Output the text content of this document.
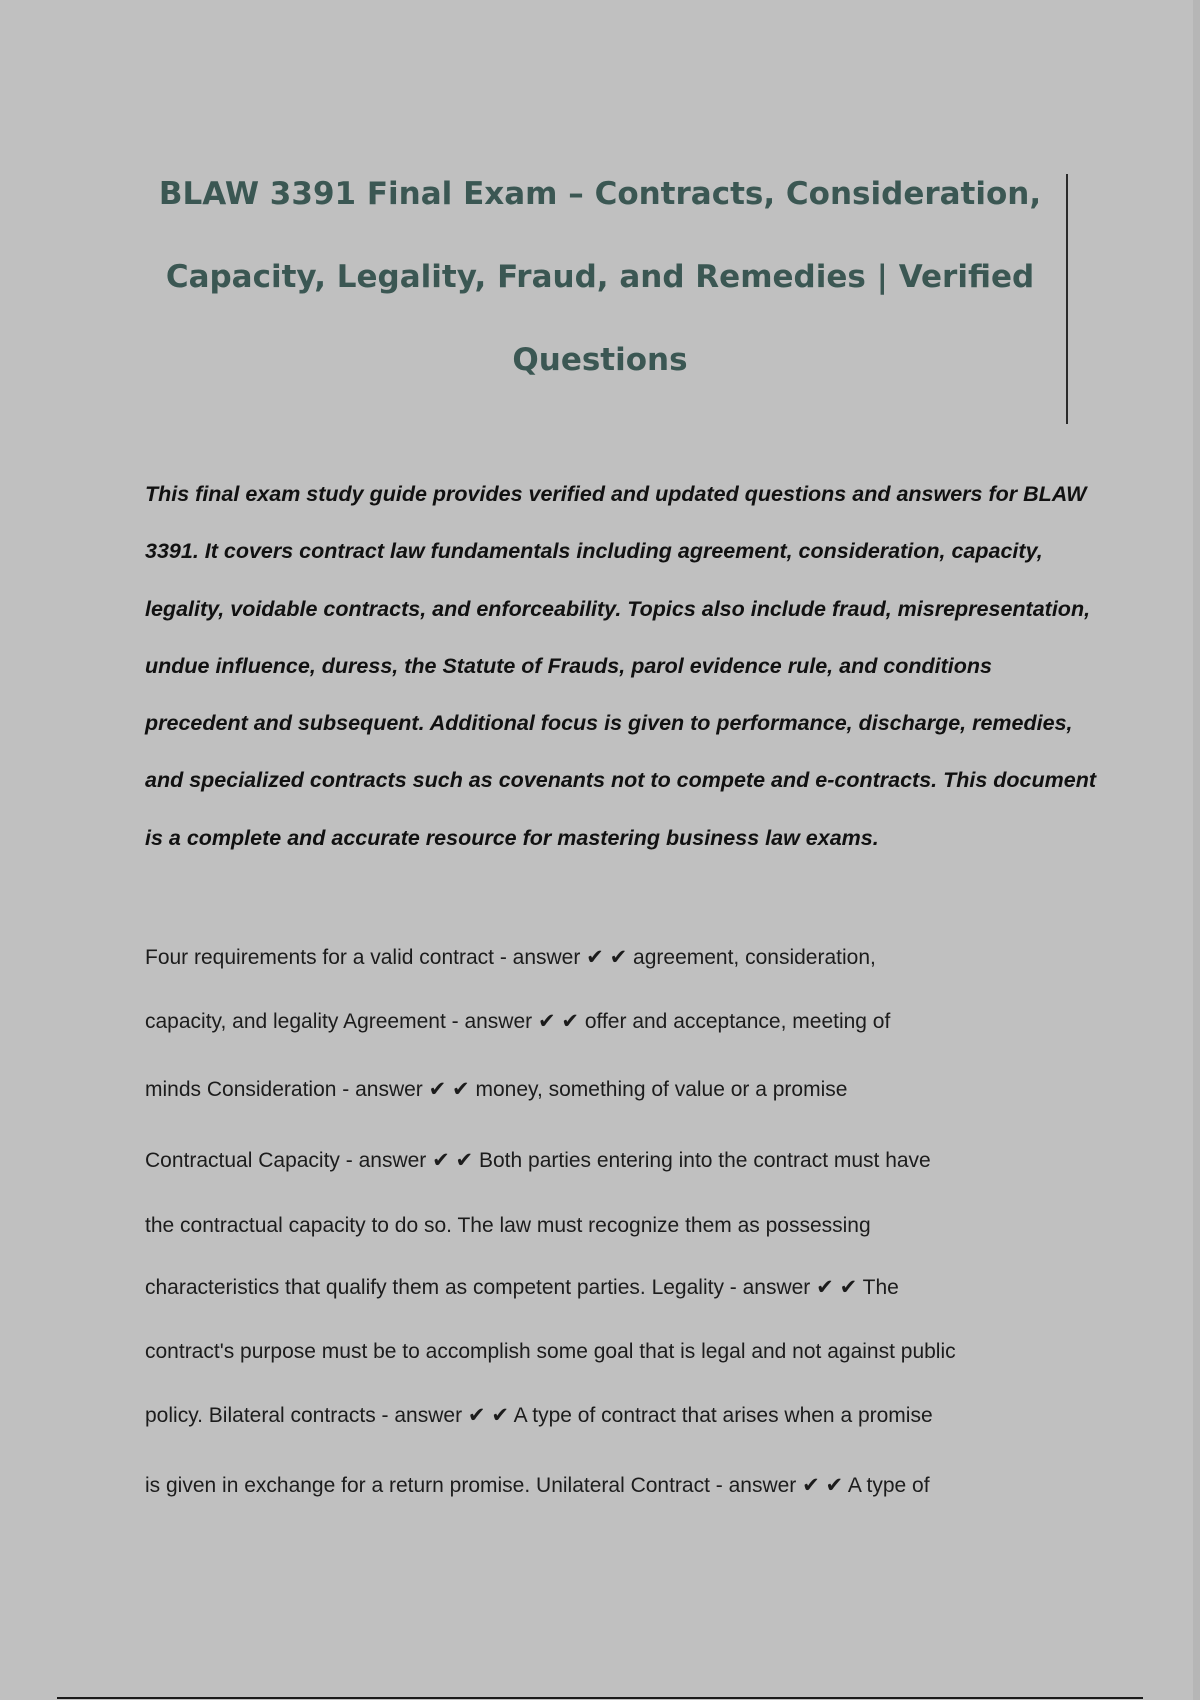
BLAW 3391 Final Exam – Contracts, Consideration,
Capacity, Legality, Fraud, and Remedies | Verified
Questions

This final exam study guide provides verified and updated questions and answers for BLAW
3391. It covers contract law fundamentals including agreement, consideration, capacity,
legality, voidable contracts, and enforceability. Topics also include fraud, misrepresentation,
undue influence, duress, the Statute of Frauds, parol evidence rule, and conditions
precedent and subsequent. Additional focus is given to performance, discharge, remedies,
and specialized contracts such as covenants not to compete and e-contracts. This document
is a complete and accurate resource for mastering business law exams.

Four requirements for a valid contract - answer ✔ ✔ agreement, consideration,
capacity, and legality Agreement - answer ✔ ✔ offer and acceptance, meeting of
minds Consideration - answer ✔ ✔ money, something of value or a promise
Contractual Capacity - answer ✔ ✔ Both parties entering into the contract must have
the contractual capacity to do so. The law must recognize them as possessing
characteristics that qualify them as competent parties. Legality - answer ✔ ✔ The
contract's purpose must be to accomplish some goal that is legal and not against public
policy. Bilateral contracts - answer ✔ ✔ A type of contract that arises when a promise
is given in exchange for a return promise. Unilateral Contract - answer ✔ ✔ A type of
